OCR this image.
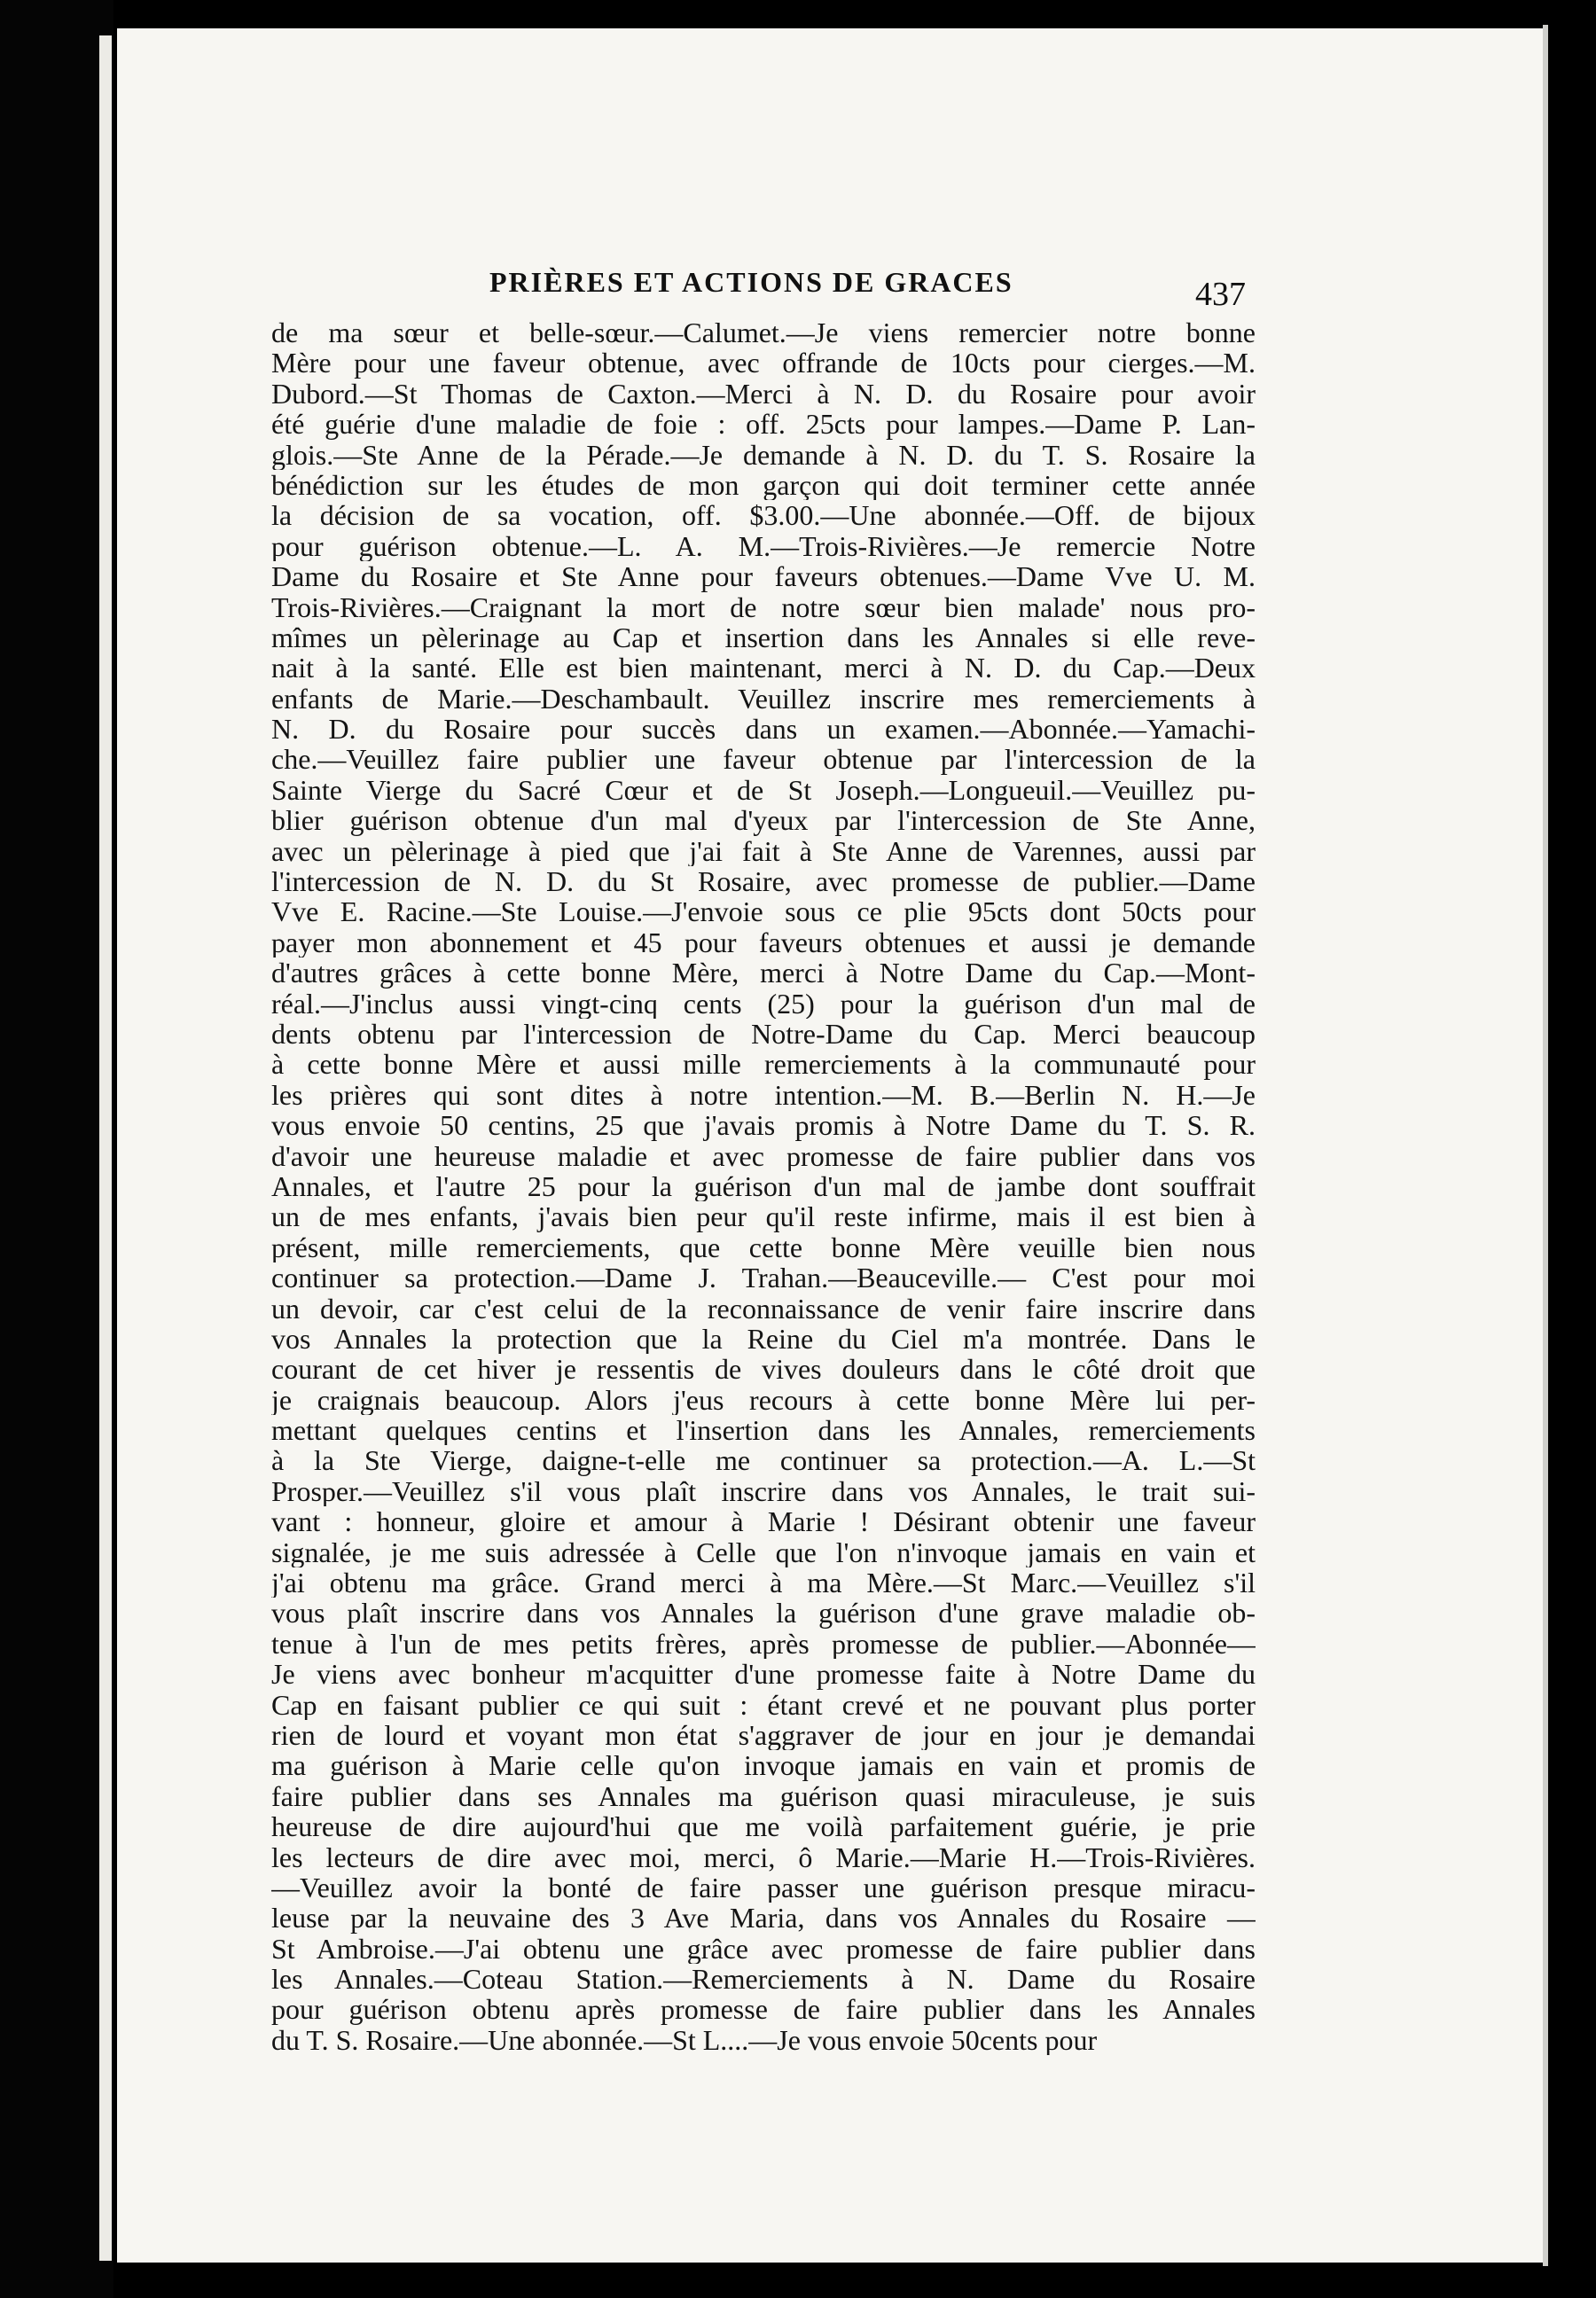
PRIÈRES ET ACTIONS DE GRACES	437
de ma sœur et belle-sœur.—Calumet.—Je viens remercier notre bonne
Mère pour une faveur obtenue, avec offrande de 10cts pour cierges.—M.
Dubord.—St Thomas de Caxton.—Merci à N. D. du Rosaire pour avoir
été guérie d'une maladie de foie : off. 25cts pour lampes.—Dame P. Lan-
glois.—Ste Anne de la Pérade.—Je demande à N. D. du T. S. Rosaire la
bénédiction sur les études de mon garçon qui doit terminer cette année
la décision de sa vocation, off. $3.00.—Une abonnée.—Off. de bijoux
pour guérison obtenue.—L. A. M.—Trois-Rivières.—Je remercie Notre
Dame du Rosaire et Ste Anne pour faveurs obtenues.—Dame Vve U. M.
Trois-Rivières.—Craignant la mort de notre sœur bien malade' nous pro-
mîmes un pèlerinage au Cap et insertion dans les Annales si elle reve-
nait à la santé. Elle est bien maintenant, merci à N. D. du Cap.—Deux
enfants de Marie.—Deschambault. Veuillez inscrire mes remerciements à
N. D. du Rosaire pour succès dans un examen.—Abonnée.—Yamachi-
che.—Veuillez faire publier une faveur obtenue par l'intercession de la
Sainte Vierge du Sacré Cœur et de St Joseph.—Longueuil.—Veuillez pu-
blier guérison obtenue d'un mal d'yeux par l'intercession de Ste Anne,
avec un pèlerinage à pied que j'ai fait à Ste Anne de Varennes, aussi par
l'intercession de N. D. du St Rosaire, avec promesse de publier.—Dame
Vve E. Racine.—Ste Louise.—J'envoie sous ce plie 95cts dont 50cts pour
payer mon abonnement et 45 pour faveurs obtenues et aussi je demande
d'autres grâces à cette bonne Mère, merci à Notre Dame du Cap.—Mont-
réal.—J'inclus aussi vingt-cinq cents (25) pour la guérison d'un mal de
dents obtenu par l'intercession de Notre-Dame du Cap. Merci beaucoup
à cette bonne Mère et aussi mille remerciements à la communauté pour
les prières qui sont dites à notre intention.—M. B.—Berlin N. H.—Je
vous envoie 50 centins, 25 que j'avais promis à Notre Dame du T. S. R.
d'avoir une heureuse maladie et avec promesse de faire publier dans vos
Annales, et l'autre 25 pour la guérison d'un mal de jambe dont souffrait
un de mes enfants, j'avais bien peur qu'il reste infirme, mais il est bien à
présent, mille remerciements, que cette bonne Mère veuille bien nous
continuer sa protection.—Dame J. Trahan.—Beauceville.— C'est pour moi
un devoir, car c'est celui de la reconnaissance de venir faire inscrire dans
vos Annales la protection que la Reine du Ciel m'a montrée. Dans le
courant de cet hiver je ressentis de vives douleurs dans le côté droit que
je craignais beaucoup. Alors j'eus recours à cette bonne Mère lui per-
mettant quelques centins et l'insertion dans les Annales, remerciements
à la Ste Vierge, daigne-t-elle me continuer sa protection.—A. L.—St
Prosper.—Veuillez s'il vous plaît inscrire dans vos Annales, le trait sui-
vant : honneur, gloire et amour à Marie ! Désirant obtenir une faveur
signalée, je me suis adressée à Celle que l'on n'invoque jamais en vain et
j'ai obtenu ma grâce. Grand merci à ma Mère.—St Marc.—Veuillez s'il
vous plaît inscrire dans vos Annales la guérison d'une grave maladie ob-
tenue à l'un de mes petits frères, après promesse de publier.—Abonnée—
Je viens avec bonheur m'acquitter d'une promesse faite à Notre Dame du
Cap en faisant publier ce qui suit : étant crevé et ne pouvant plus porter
rien de lourd et voyant mon état s'aggraver de jour en jour je demandai
ma guérison à Marie celle qu'on invoque jamais en vain et promis de
faire publier dans ses Annales ma guérison quasi miraculeuse, je suis
heureuse de dire aujourd'hui que me voilà parfaitement guérie, je prie
les lecteurs de dire avec moi, merci, ô Marie.—Marie H.—Trois-Rivières.
—Veuillez avoir la bonté de faire passer une guérison presque miracu-
leuse par la neuvaine des 3 Ave Maria, dans vos Annales du Rosaire —
St Ambroise.—J'ai obtenu une grâce avec promesse de faire publier dans
les Annales.—Coteau Station.—Remerciements à N. Dame du Rosaire
pour guérison obtenu après promesse de faire publier dans les Annales
du T. S. Rosaire.—Une abonnée.—St L....—Je vous envoie 50cents pour
